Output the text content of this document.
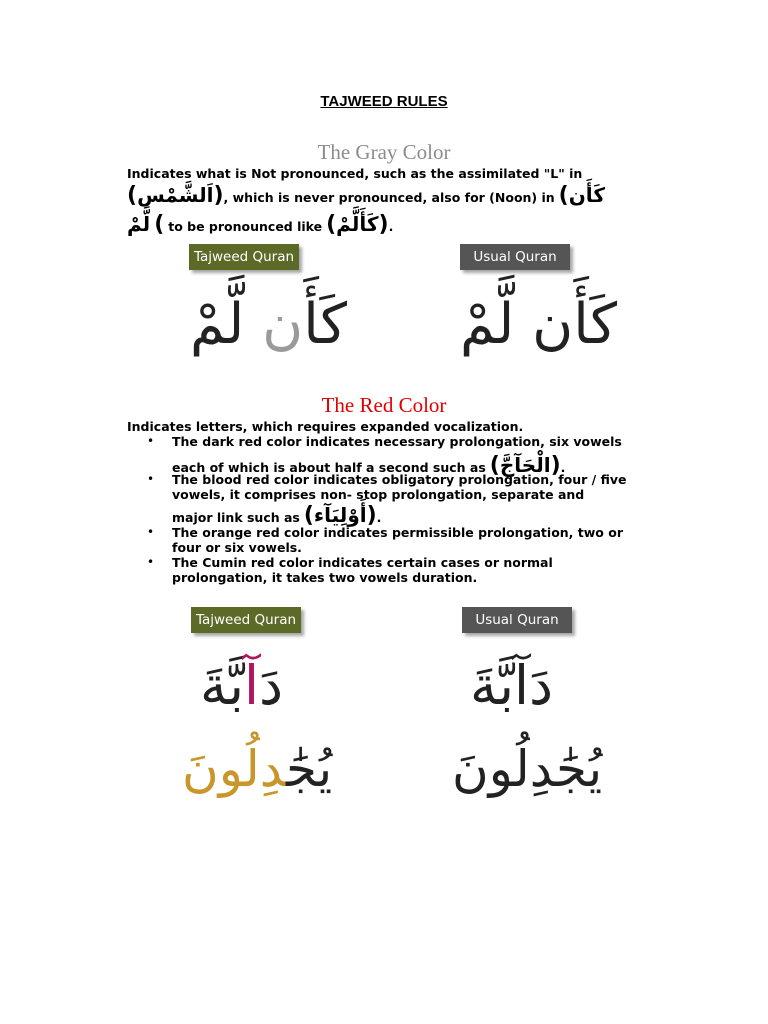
TAJWEED RULES
The Gray Color
Indicates what is Not pronounced, such as the assimilated "L" in
(اَلشَّمْس), which is never pronounced, also for (Noon) in (كَأَن
لَّمْ ( to be pronounced like (كَأَلَّمْ).
Tajweed Quran	Usual Quran
كَأَن لَّمْ	كَأَن لَّمْ
The Red Color
Indicates letters, which requires expanded vocalization.
• The dark red color indicates necessary prolongation, six vowels
each of which is about half a second such as (الْحَآجَّ).
• The blood red color indicates obligatory prolongation, four / five vowels, it comprises non- stop prolongation, separate and
major link such as (أَوْلِيَآء).
• The orange red color indicates permissible prolongation, two or four or six vowels.
• The Cumin red color indicates certain cases or normal prolongation, it takes two vowels duration.
Tajweed Quran	Usual Quran
دَآبَّةَ	دَآبَّةَ
يُجَٰدِلُونَ	يُجَٰدِلُونَ
